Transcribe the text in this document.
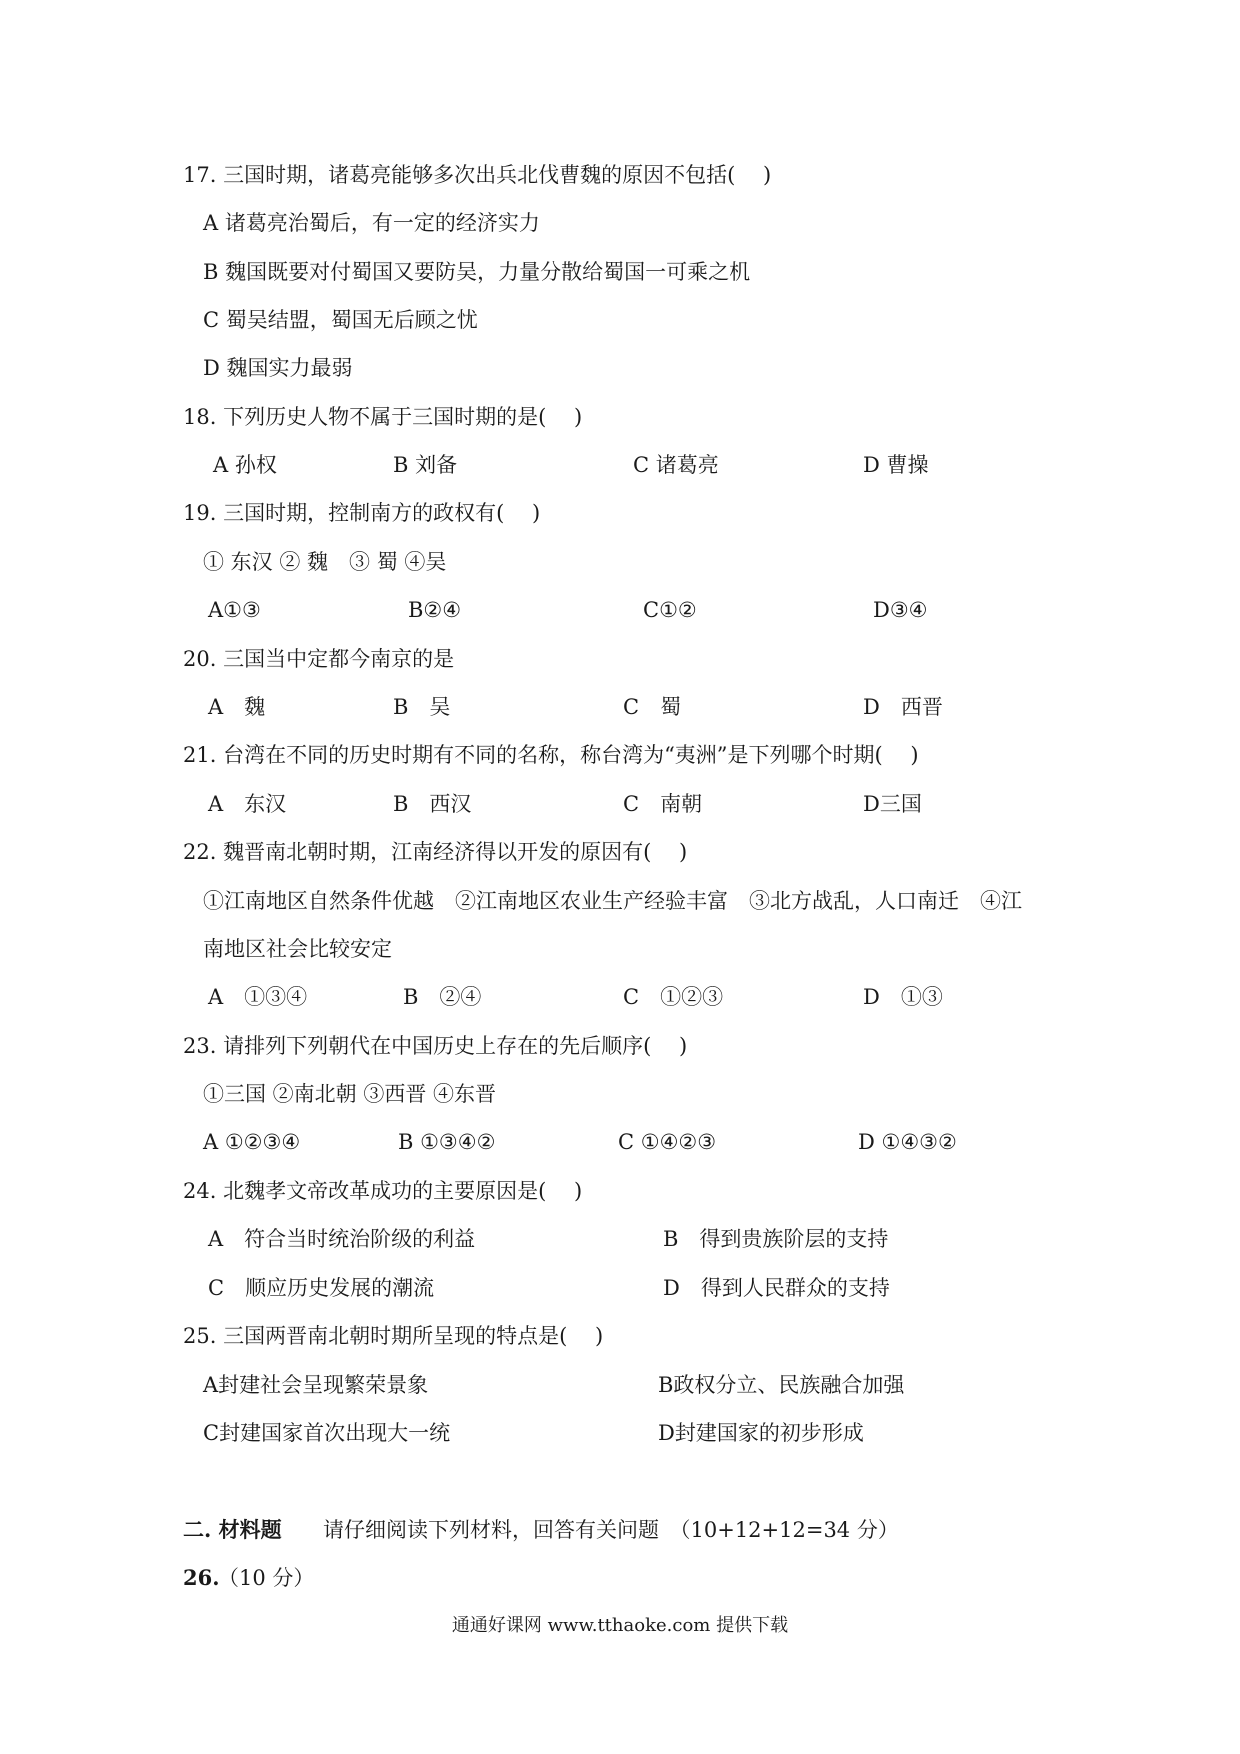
17. 三国时期，诸葛亮能够多次出兵北伐曹魏的原因不包括(　 )
A 诸葛亮治蜀后，有一定的经济实力
B 魏国既要对付蜀国又要防吴，力量分散给蜀国一可乘之机
C 蜀吴结盟，蜀国无后顾之忧
D 魏国实力最弱
18. 下列历史人物不属于三国时期的是(　 )
A 孙权	B 刘备	C 诸葛亮	D 曹操
19. 三国时期，控制南方的政权有(　 )
① 东汉 ② 魏　③ 蜀 ④吴
A①③	B②④	C①②	D③④
20. 三国当中定都今南京的是
A　魏	B　吴	C　蜀	D　西晋
21. 台湾在不同的历史时期有不同的名称，称台湾为“夷洲”是下列哪个时期(　 )
A　东汉	B　西汉	C　南朝	D三国
22. 魏晋南北朝时期，江南经济得以开发的原因有(　 )
①江南地区自然条件优越　②江南地区农业生产经验丰富　③北方战乱，人口南迁　④江
南地区社会比较安定
A　①③④	B　②④	C　①②③	D　①③
23. 请排列下列朝代在中国历史上存在的先后顺序(　 )
①三国 ②南北朝 ③西晋 ④东晋
A ①②③④	B ①③④②	C ①④②③	D ①④③②
24. 北魏孝文帝改革成功的主要原因是(　 )
A　符合当时统治阶级的利益	B　得到贵族阶层的支持
C　顺应历史发展的潮流	D　得到人民群众的支持
25. 三国两晋南北朝时期所呈现的特点是(　 )
A封建社会呈现繁荣景象	B政权分立、民族融合加强
C封建国家首次出现大一统	D封建国家的初步形成
二. 材料题 请仔细阅读下列材料，回答有关问题　（10+12+12=34 分）
26.
（10 分）
通通好课网 www.tthaoke.com 提供下载
